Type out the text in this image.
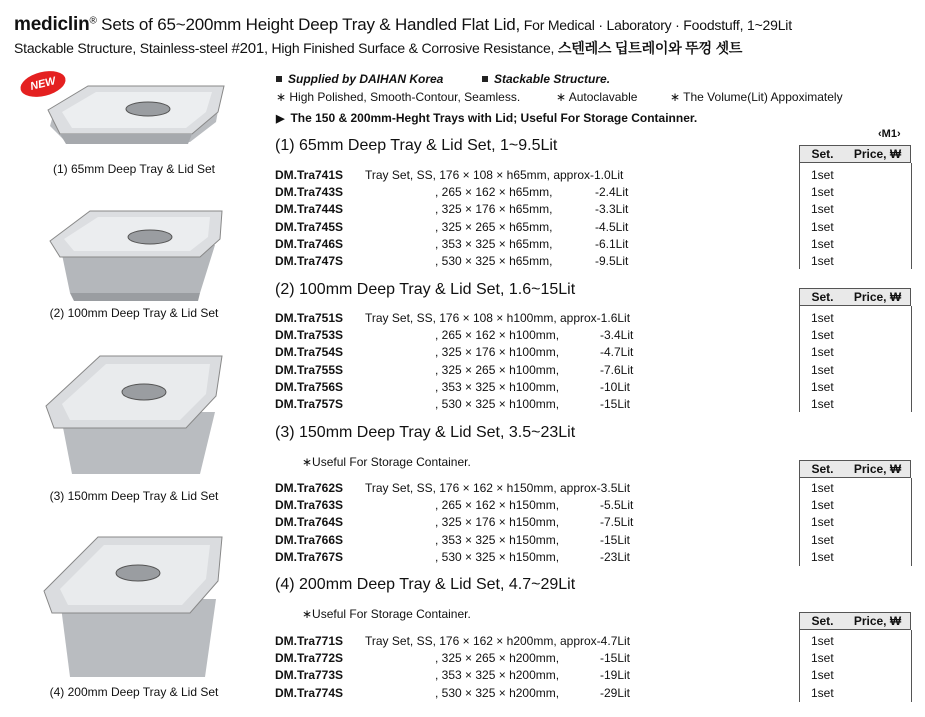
mediclin® Sets of 65~200mm Height Deep Tray & Handled Flat Lid, For Medical · Laboratory · Foodstuff, 1~29Lit
Stackable Structure, Stainless-steel #201, High Finished Surface & Corrosive Resistance, 스텐레스 딥트레이와 뚜껑 셋트
NEW	Supplied by DAIHAN Korea	Stackable Structure.
∗ High Polished, Smooth-Contour, Seamless.	∗ Autoclavable	∗ The Volume(Lit) Appoximately
▶ The 150 & 200mm-Heght Trays with Lid; Useful For Storage Containner.
‹M1›
(1) 65mm Deep Tray & Lid Set
(2) 100mm Deep Tray & Lid Set
(3) 150mm Deep Tray & Lid Set
(4) 200mm Deep Tray & Lid Set
(1) 65mm Deep Tray & Lid Set, 1~9.5Lit	Set.	Price, ₩
DM.Tra741S Tray Set, SS, 176 × 108 × h65mm, approx-1.0Lit	1set
DM.Tra743S	, 265 × 162 × h65mm,	-2.4Lit	1set
DM.Tra744S	, 325 × 176 × h65mm,	-3.3Lit	1set
DM.Tra745S	, 325 × 265 × h65mm,	-4.5Lit	1set
DM.Tra746S	, 353 × 325 × h65mm,	-6.1Lit	1set
DM.Tra747S	, 530 × 325 × h65mm,	-9.5Lit	1set
(2) 100mm Deep Tray & Lid Set, 1.6~15Lit	Set.	Price, ₩
DM.Tra751S Tray Set, SS, 176 × 108 × h100mm, approx-1.6Lit	1set
DM.Tra753S	, 265 × 162 × h100mm,	-3.4Lit	1set
DM.Tra754S	, 325 × 176 × h100mm,	-4.7Lit	1set
DM.Tra755S	, 325 × 265 × h100mm,	-7.6Lit	1set
DM.Tra756S	, 353 × 325 × h100mm,	-10Lit	1set
DM.Tra757S	, 530 × 325 × h100mm,	-15Lit	1set
(3) 150mm Deep Tray & Lid Set, 3.5~23Lit
∗Useful For Storage Container.	Set.	Price, ₩
DM.Tra762S Tray Set, SS, 176 × 162 × h150mm, approx-3.5Lit	1set
DM.Tra763S	, 265 × 162 × h150mm,	-5.5Lit	1set
DM.Tra764S	, 325 × 176 × h150mm,	-7.5Lit	1set
DM.Tra766S	, 353 × 325 × h150mm,	-15Lit	1set
DM.Tra767S	, 530 × 325 × h150mm,	-23Lit	1set
(4) 200mm Deep Tray & Lid Set, 4.7~29Lit
∗Useful For Storage Container.	Set.	Price, ₩
DM.Tra771S Tray Set, SS, 176 × 162 × h200mm, approx-4.7Lit	1set
DM.Tra772S	, 325 × 265 × h200mm,	-15Lit	1set
DM.Tra773S	, 353 × 325 × h200mm,	-19Lit	1set
DM.Tra774S	, 530 × 325 × h200mm,	-29Lit	1set
